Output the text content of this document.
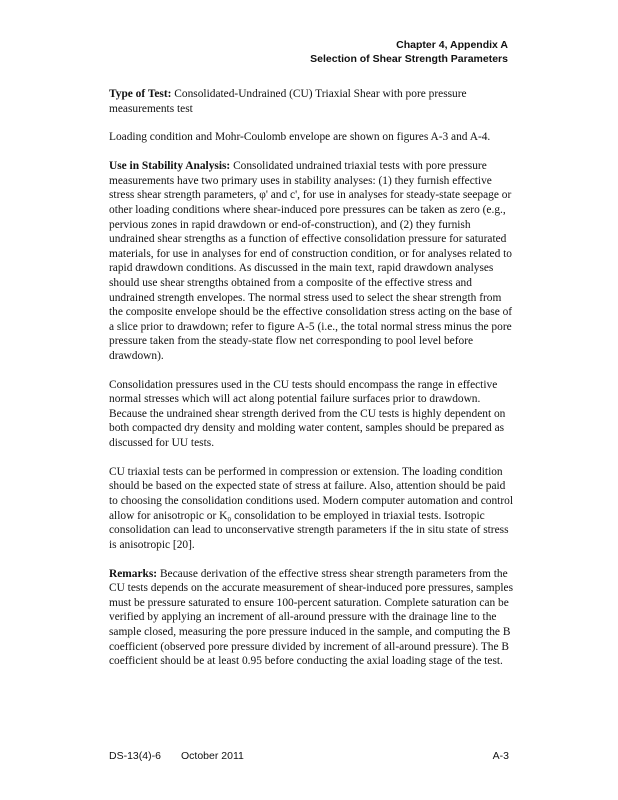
Chapter 4, Appendix A
Selection of Shear Strength Parameters

Type of Test: Consolidated-Undrained (CU) Triaxial Shear with pore pressure measurements test

Loading condition and Mohr-Coulomb envelope are shown on figures A-3 and A-4.

Use in Stability Analysis: Consolidated undrained triaxial tests with pore pressure measurements have two primary uses in stability analyses: (1) they furnish effective stress shear strength parameters, φ' and c', for use in analyses for steady-state seepage or other loading conditions where shear-induced pore pressures can be taken as zero (e.g., pervious zones in rapid drawdown or end-of-construction), and (2) they furnish undrained shear strengths as a function of effective consolidation pressure for saturated materials, for use in analyses for end of construction condition, or for analyses related to rapid drawdown conditions. As discussed in the main text, rapid drawdown analyses should use shear strengths obtained from a composite of the effective stress and undrained strength envelopes. The normal stress used to select the shear strength from the composite envelope should be the effective consolidation stress acting on the base of a slice prior to drawdown; refer to figure A-5 (i.e., the total normal stress minus the pore pressure taken from the steady-state flow net corresponding to pool level before drawdown).

Consolidation pressures used in the CU tests should encompass the range in effective normal stresses which will act along potential failure surfaces prior to drawdown. Because the undrained shear strength derived from the CU tests is highly dependent on both compacted dry density and molding water content, samples should be prepared as discussed for UU tests.

CU triaxial tests can be performed in compression or extension. The loading condition should be based on the expected state of stress at failure. Also, attention should be paid to choosing the consolidation conditions used. Modern computer automation and control allow for anisotropic or K₀ consolidation to be employed in triaxial tests. Isotropic consolidation can lead to unconservative strength parameters if the in situ state of stress is anisotropic [20].

Remarks: Because derivation of the effective stress shear strength parameters from the CU tests depends on the accurate measurement of shear-induced pore pressures, samples must be pressure saturated to ensure 100-percent saturation. Complete saturation can be verified by applying an increment of all-around pressure with the drainage line to the sample closed, measuring the pore pressure induced in the sample, and computing the B coefficient (observed pore pressure divided by increment of all-around pressure). The B coefficient should be at least 0.95 before conducting the axial loading stage of the test.

DS-13(4)-6 October 2011	A-3
